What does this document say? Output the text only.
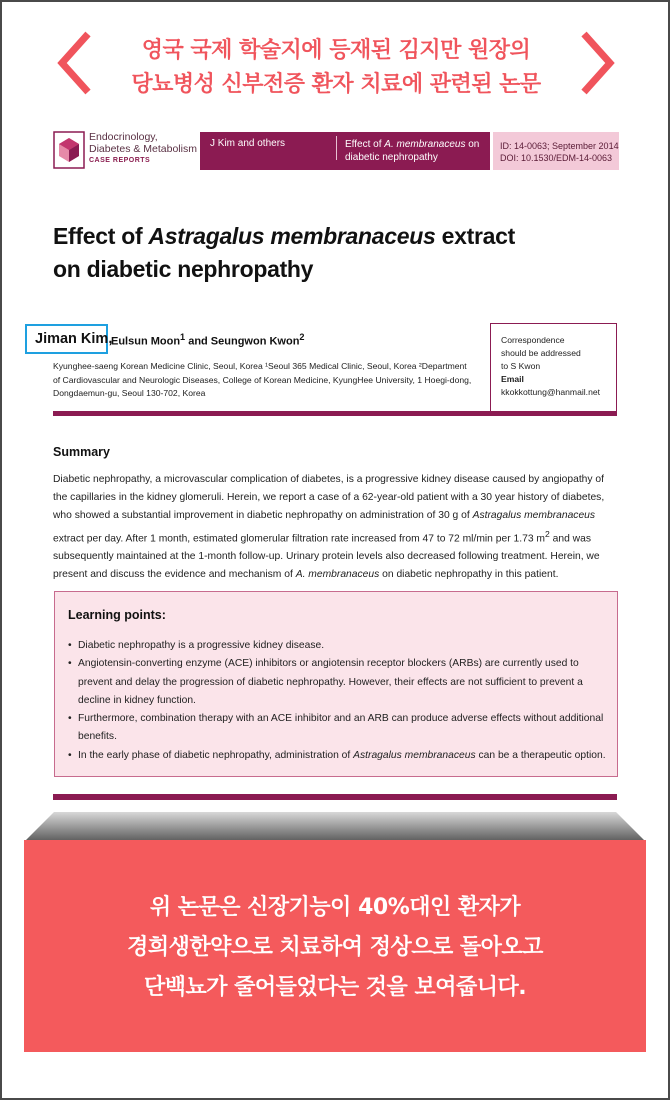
영국 국제 학술지에 등재된 김지만 원장의
당뇨병성 신부전증 환자 치료에 관련된 논문
Endocrinology,
Diabetes & Metabolism
CASE REPORTS
J Kim and others	Effect of A. membranaceus on
diabetic nephropathy
ID: 14-0063; September 2014
DOI: 10.1530/EDM-14-0063
Effect of Astragalus membranaceus extract
on diabetic nephropathy
Jiman Kim,
Eulsun Moon$^1$ and Seungwon Kwon$^2$
Kyunghee-saeng Korean Medicine Clinic, Seoul, Korea ¹Seoul 365 Medical Clinic, Seoul, Korea ²Department of Cardiovascular and Neurologic Diseases, College of Korean Medicine, KyungHee University, 1 Hoegi-dong, Dongdaemun-gu, Seoul 130-702, Korea
Correspondence
should be addressed
to S Kwon
Email
kkokkottung@hanmail.net
Summary
Diabetic nephropathy, a microvascular complication of diabetes, is a progressive kidney disease caused by angiopathy of the capillaries in the kidney glomeruli. Herein, we report a case of a 62-year-old patient with a 30 year history of diabetes, who showed a substantial improvement in diabetic nephropathy on administration of 30 g of Astragalus membranaceus extract per day. After 1 month, estimated glomerular filtration rate increased from 47 to 72 ml/min per 1.73 $m^2$ and was subsequently maintained at the 1-month follow-up. Urinary protein levels also decreased following treatment. Herein, we present and discuss the evidence and mechanism of A. membranaceus on diabetic nephropathy in this patient.
Learning points:
• Diabetic nephropathy is a progressive kidney disease.
• Angiotensin-converting enzyme (ACE) inhibitors or angiotensin receptor blockers (ARBs) are currently used to prevent and delay the progression of diabetic nephropathy. However, their effects are not sufficient to prevent a decline in kidney function.
• Furthermore, combination therapy with an ACE inhibitor and an ARB can produce adverse effects without additional benefits.
• In the early phase of diabetic nephropathy, administration of Astragalus membranaceus can be a therapeutic option.
위 논문은 신장기능이 40%대인 환자가
경희생한약으로 치료하여 정상으로 돌아오고
단백뇨가 줄어들었다는 것을 보여줍니다.
